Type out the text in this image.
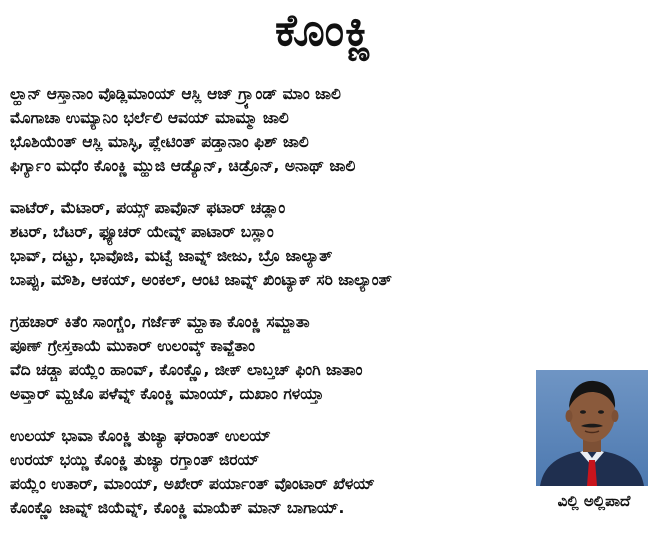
ಕೊಂಕ್ಣಿ
ಲ್ಹಾನ್ ಆಸ್ತಾನಾಂ ವೊಡ್ಲಿಮಾಂಯ್ ಆಸ್ಲಿ ಆಜ್ ಗ್ರ್ಯಾಂಡ್ ಮಾಂ ಜಾಲಿ
ಮೊಗಾಚಾ ಉಮ್ಯಾನಿಂ ಭರ್ಲೆಲಿ ಆವಯ್ ಮಾಮ್ಮಾ ಜಾಲಿ
ಭೊಶಿಯೆಂತ್ ಆಸ್ಲಿ ಮಾಸ್ಳಿ, ಪ್ಲೇಟಿಂತ್ ಪಡ್ತಾನಾಂ ಫಿಶ್ ಜಾಲಿ
ಫಿರ್ಗ್ಯಾಂ ಮಧೆಂ ಕೊಂಕ್ಣಿ ಮ್ಹುಜಿ ಆಡ್ಯೊನ್, ಚಿಡ್ರೊನ್, ಅನಾಥ್ ಜಾಲಿ
ವಾಟೆರ್, ಮೆಟಾರ್, ಪಯ್ಸ್ ಪಾವೊನ್ ಫಟಾರ್ ಚಡ್ಲಾಂ
ಶಟರ್, ಬೆಟರ್, ಫ್ಯೂಚರ್ ಯೇವ್ನ್ ಪಾಟಾರ್ ಬಸ್ಲಾಂ
ಭಾವ್, ದಟ್ಟು, ಭಾವೊಜಿ, ಮಟ್ವೆ ಜಾವ್ನ್ ಜೀಜು, ಬ್ರೊ ಜಾಲ್ಯಾತ್
ಬಾಪ್ಪು, ಮೌಶಿ, ಆಕಯ್, ಅಂಕಲ್, ಆಂಟಿ ಜಾವ್ನ್ ಖಿಂಟ್ಯಾಕ್ ಸರಿ ಜಾಲ್ಯಾಂತ್
ಗ್ರಹಚಾರ್ ಕಿತೆಂ ಸಾಂಗ್ಚೆಂ, ಗರ್ಜೆಕ್ ಮ್ಹಾಕಾ ಕೊಂಕ್ಣಿ ಸಮ್ಜಾತಾ
ಪೂಣ್ ಗ್ರೇಸ್ತಕಾಯೆ ಮುಕಾರ್ ಉಲಂವ್ಕ್ ಕಾವ್ಜೆತಾಂ
ವೆದಿ ಚಡ್ಚಾ ಪಯ್ಲೆಂ ಹಾಂವ್, ಕೊಂಕ್ಣೊ, ಜೀಕ್ ಲಾಬ್ತಚ್ ಫಿಂಗಿ ಜಾತಾಂ
ಅವ್ತಾರ್ ಮ್ಹಜೊ ಪಳೆವ್ನ್ ಕೊಂಕ್ಣಿ ಮಾಂಯ್, ದುಖಾಂ ಗಳಯ್ತಾ
ಉಲಯ್ ಭಾವಾ ಕೊಂಕ್ಣಿ ತುಜ್ಯಾ ಘರಾಂತ್ ಉಲಯ್
ಉರಯ್ ಭಯ್ಣಿ ಕೊಂಕ್ಣಿ ತುಜ್ಯಾ ರಗ್ತಾಂತ್ ಜಿರಯ್
ಪಯ್ಲೆಂ ಉತಾರ್, ಮಾಂಯ್, ಅಖೇರ್ ಪರ್ಯಾಂತ್ ವೊಂಟಾರ್ ಖೆಳಯ್
ಕೊಂಕ್ಣೊ ಜಾವ್ನ್ ಜಿಯೆವ್ನ್, ಕೊಂಕ್ಣಿ ಮಾಯೆಕ್ ಮಾನ್ ಬಾಗಾಯ್.	ವಿಲ್ಲಿ ಅಲ್ಲಿಪಾದೆ
